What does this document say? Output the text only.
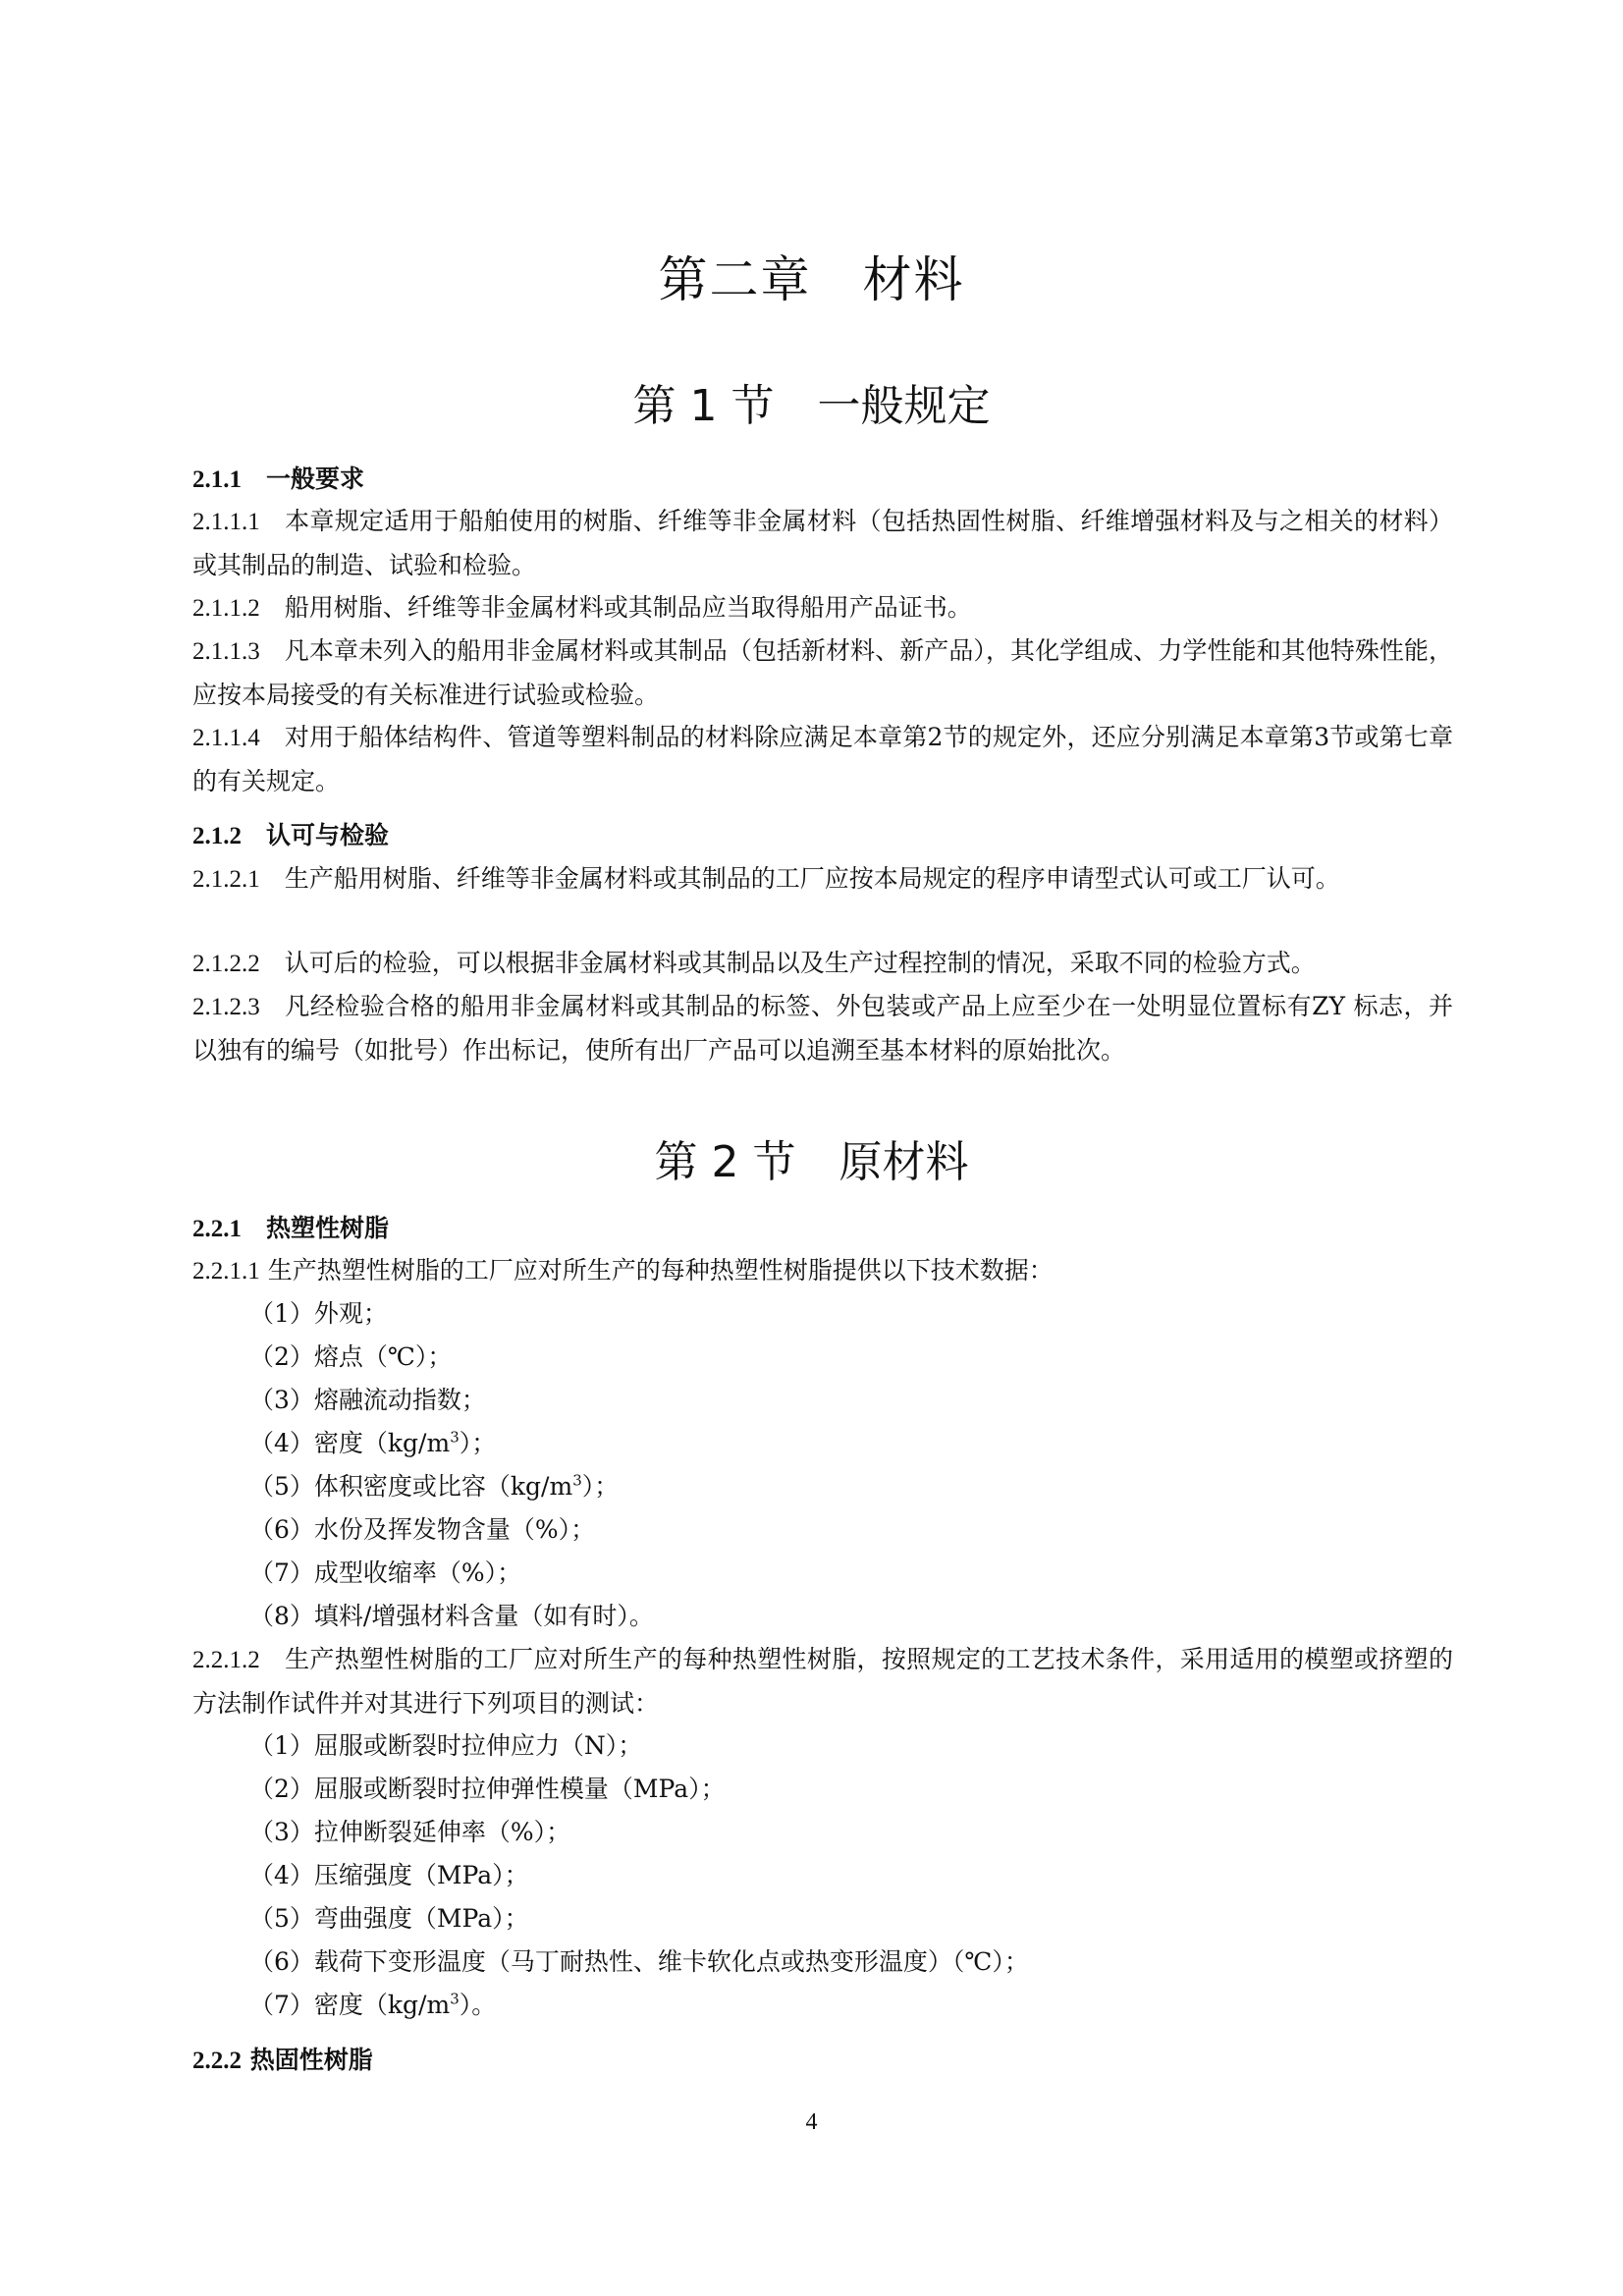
第二章　材料
第 1 节　一般规定
2.1.1  一般要求
2.1.1.1  本章规定适用于船舶使用的树脂、纤维等非金属材料（包括热固性树脂、纤维增强材料及与之相关的材料）或其制品的制造、试验和检验。
2.1.1.2  船用树脂、纤维等非金属材料或其制品应当取得船用产品证书。
2.1.1.3  凡本章未列入的船用非金属材料或其制品（包括新材料、新产品），其化学组成、力学性能和其他特殊性能，应按本局接受的有关标准进行试验或检验。
2.1.1.4  对用于船体结构件、管道等塑料制品的材料除应满足本章第2节的规定外，还应分别满足本章第3节或第七章的有关规定。
2.1.2  认可与检验
2.1.2.1  生产船用树脂、纤维等非金属材料或其制品的工厂应按本局规定的程序申请型式认可或工厂认可。
2.1.2.2  认可后的检验，可以根据非金属材料或其制品以及生产过程控制的情况，采取不同的检验方式。
2.1.2.3  凡经检验合格的船用非金属材料或其制品的标签、外包装或产品上应至少在一处明显位置标有ZY 标志，并以独有的编号（如批号）作出标记，使所有出厂产品可以追溯至基本材料的原始批次。
第 2 节　原材料
2.2.1  热塑性树脂
2.2.1.1 生产热塑性树脂的工厂应对所生产的每种热塑性树脂提供以下技术数据：
（1）外观；
（2）熔点（℃）；
（3）熔融流动指数；
（4）密度$(kg/m^3)$；
（5）体积密度或比容$(kg/m^3)$；
（6）水份及挥发物含量（%）；
（7）成型收缩率（%）；
（8）填料/增强材料含量（如有时）。
2.2.1.2  生产热塑性树脂的工厂应对所生产的每种热塑性树脂，按照规定的工艺技术条件，采用适用的模塑或挤塑的方法制作试件并对其进行下列项目的测试：
（1）屈服或断裂时拉伸应力（N）；
（2）屈服或断裂时拉伸弹性模量（MPa）；
（3）拉伸断裂延伸率（%）；
（4）压缩强度（MPa）；
（5）弯曲强度（MPa）；
（6）载荷下变形温度（马丁耐热性、维卡软化点或热变形温度）（℃）；
（7）密度$(kg/m^3)$。
2.2.2 热固性树脂
4
